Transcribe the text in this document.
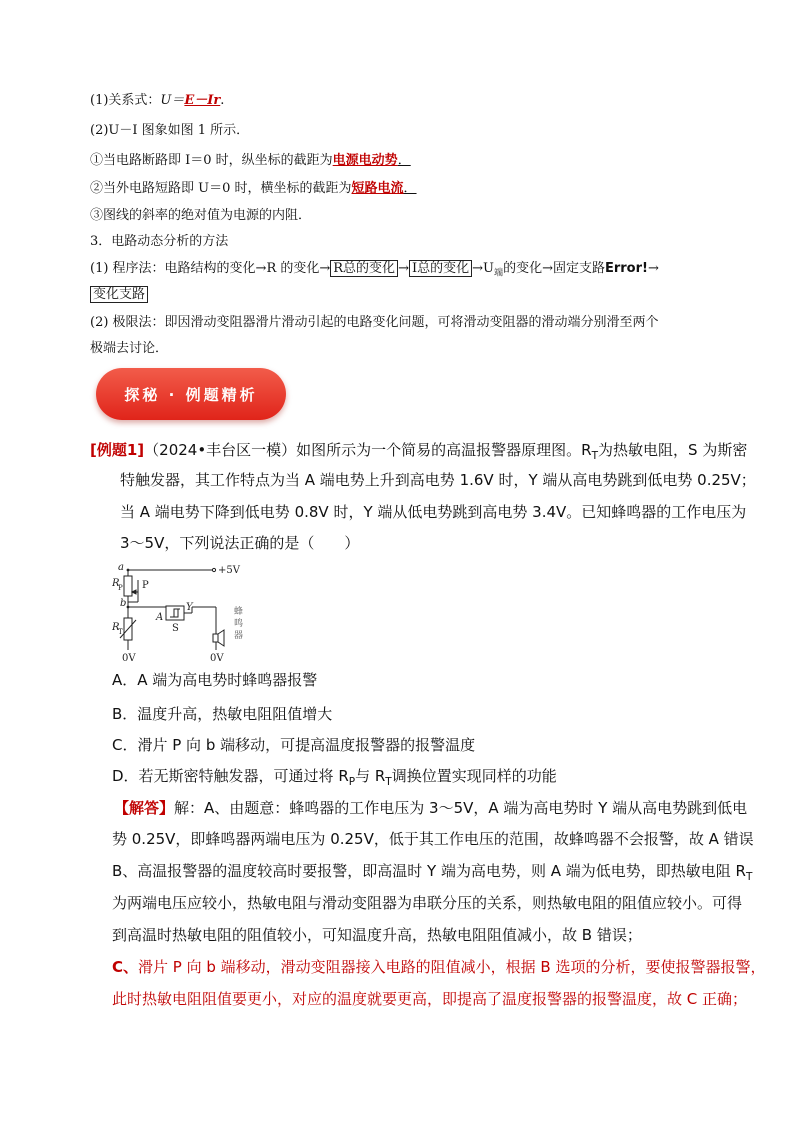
(1)关系式：U＝E－Ir.
(2)U－I 图象如图 1 所示．
①当电路断路即 I＝0 时，纵坐标的截距为电源电动势．
②当外电路短路即 U＝0 时，横坐标的截距为短路电流．
③图线的斜率的绝对值为电源的内阻．
3．电路动态分析的方法
(1) 程序法：电路结构的变化→R 的变化→ R总的变化 → I总的变化 $\to U_端$的变化→固定支路Error!→
变化支路
(2) 极限法：即因滑动变阻器滑片滑动引起的电路变化问题，可将滑动变阻器的滑动端分别滑至两个
极端去讨论．
探秘 · 例题精析
[例题1]（2024•丰台区一模）如图所示为一个简易的高温报警器原理图。$R_T$为热敏电阻，S 为斯密
特触发器，其工作特点为当 A 端电势上升到高电势 1.6V 时，Y 端从高电势跳到低电势 0.25V；
当 A 端电势下降到低电势 0.8V 时，Y 端从低电势跳到高电势 3.4V。已知蜂鸣器的工作电压为
3～5V，下列说法正确的是（　　）
+5V
a
b
R
P P
R
T
A
S
Y	蜂
鸣
器
0V	0V
A．A 端为高电势时蜂鸣器报警
B．温度升高，热敏电阻阻值增大
C．滑片 P 向 b 端移动，可提高温度报警器的报警温度
D．若无斯密特触发器，可通过将 $R_P$与 $R_T$调换位置实现同样的功能
【解答】解：A、由题意：蜂鸣器的工作电压为 3～5V，A 端为高电势时 Y 端从高电势跳到低电
势 0.25V，即蜂鸣器两端电压为 0.25V，低于其工作电压的范围，故蜂鸣器不会报警，故 A 错误
B、高温报警器的温度较高时要报警，即高温时 Y 端为高电势，则 A 端为低电势，即热敏电阻 $R_T$
为两端电压应较小，热敏电阻与滑动变阻器为串联分压的关系，则热敏电阻的阻值应较小。可得
到高温时热敏电阻的阻值较小，可知温度升高，热敏电阻阻值减小，故 B 错误；
C、滑片 P 向 b 端移动，滑动变阻器接入电路的阻值减小，根据 B 选项的分析，要使报警器报警，
此时热敏电阻阻值要更小，对应的温度就要更高，即提高了温度报警器的报警温度，故 C 正确；
